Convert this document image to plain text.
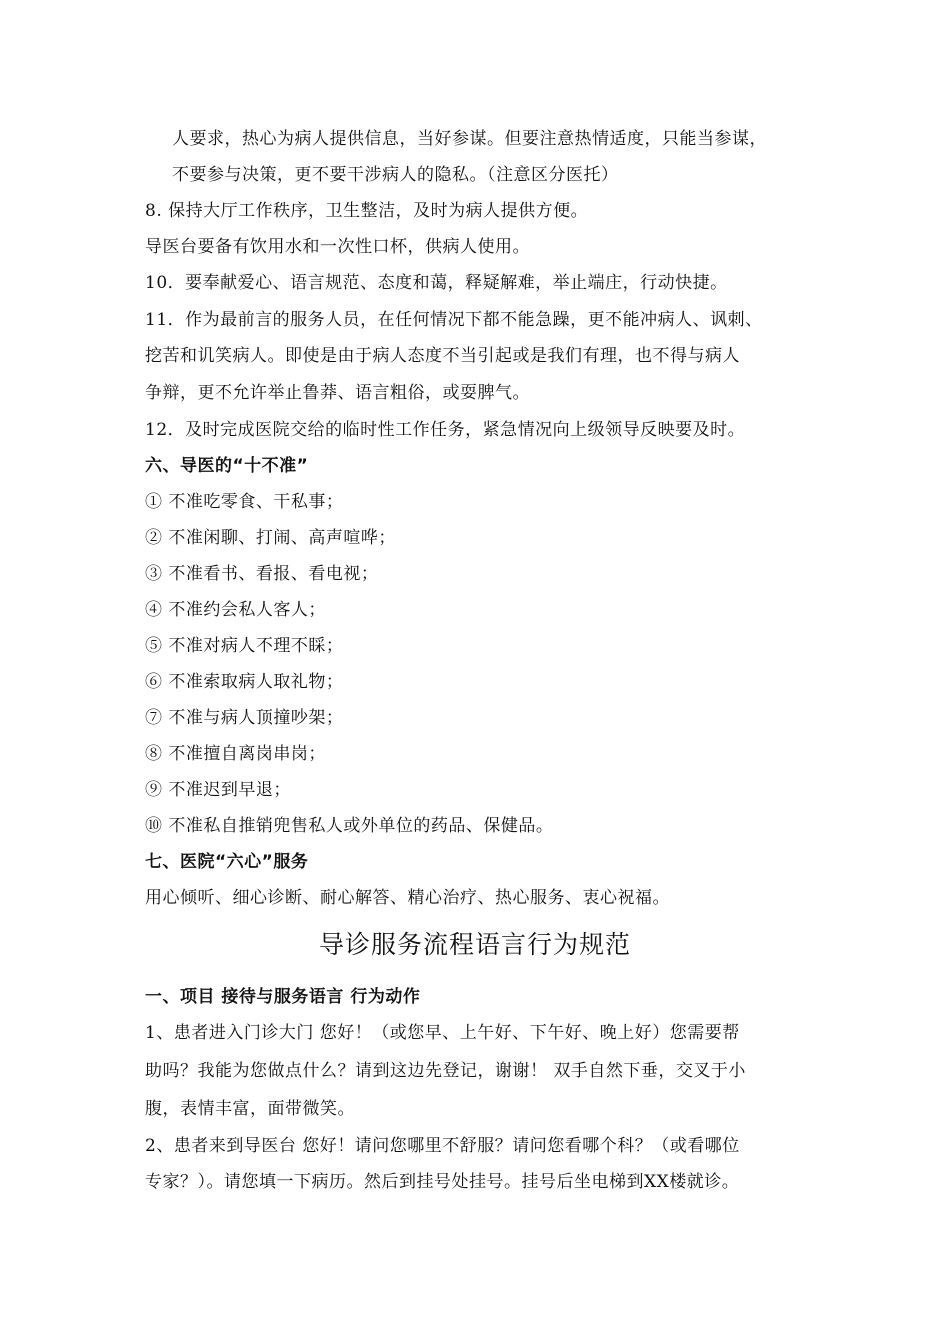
人要求，热心为病人提供信息，当好参谋。但要注意热情适度，只能当参谋，
不要参与决策，更不要干涉病人的隐私。（注意区分医托）
8. 保持大厅工作秩序，卫生整洁，及时为病人提供方便。
导医台要备有饮用水和一次性口杯，供病人使用。
10．要奉献爱心、语言规范、态度和蔼，释疑解难，举止端庄，行动快捷。
11．作为最前言的服务人员，在任何情况下都不能急躁，更不能冲病人、讽刺、
挖苦和讥笑病人。即使是由于病人态度不当引起或是我们有理，也不得与病人
争辩，更不允许举止鲁莽、语言粗俗，或耍脾气。
12．及时完成医院交给的临时性工作任务，紧急情况向上级领导反映要及时。
六、导医的“十不准”
① 不准吃零食、干私事；
② 不准闲聊、打闹、高声喧哗；
③ 不准看书、看报、看电视；
④ 不准约会私人客人；
⑤ 不准对病人不理不睬；
⑥ 不准索取病人取礼物；
⑦ 不准与病人顶撞吵架；
⑧ 不准擅自离岗串岗；
⑨ 不准迟到早退；
⑩ 不准私自推销兜售私人或外单位的药品、保健品。
七、医院“六心”服务
用心倾听、细心诊断、耐心解答、精心治疗、热心服务、衷心祝福。
导诊服务流程语言行为规范
一、项目 接待与服务语言 行为动作
1、患者进入门诊大门 您好！（或您早、上午好、下午好、晚上好）您需要帮
助吗？我能为您做点什么？请到这边先登记，谢谢！ 双手自然下垂，交叉于小
腹，表情丰富，面带微笑。
2、患者来到导医台 您好！请问您哪里不舒服？请问您看哪个科？（或看哪位
专家？）。请您填一下病历。然后到挂号处挂号。挂号后坐电梯到XX楼就诊。
